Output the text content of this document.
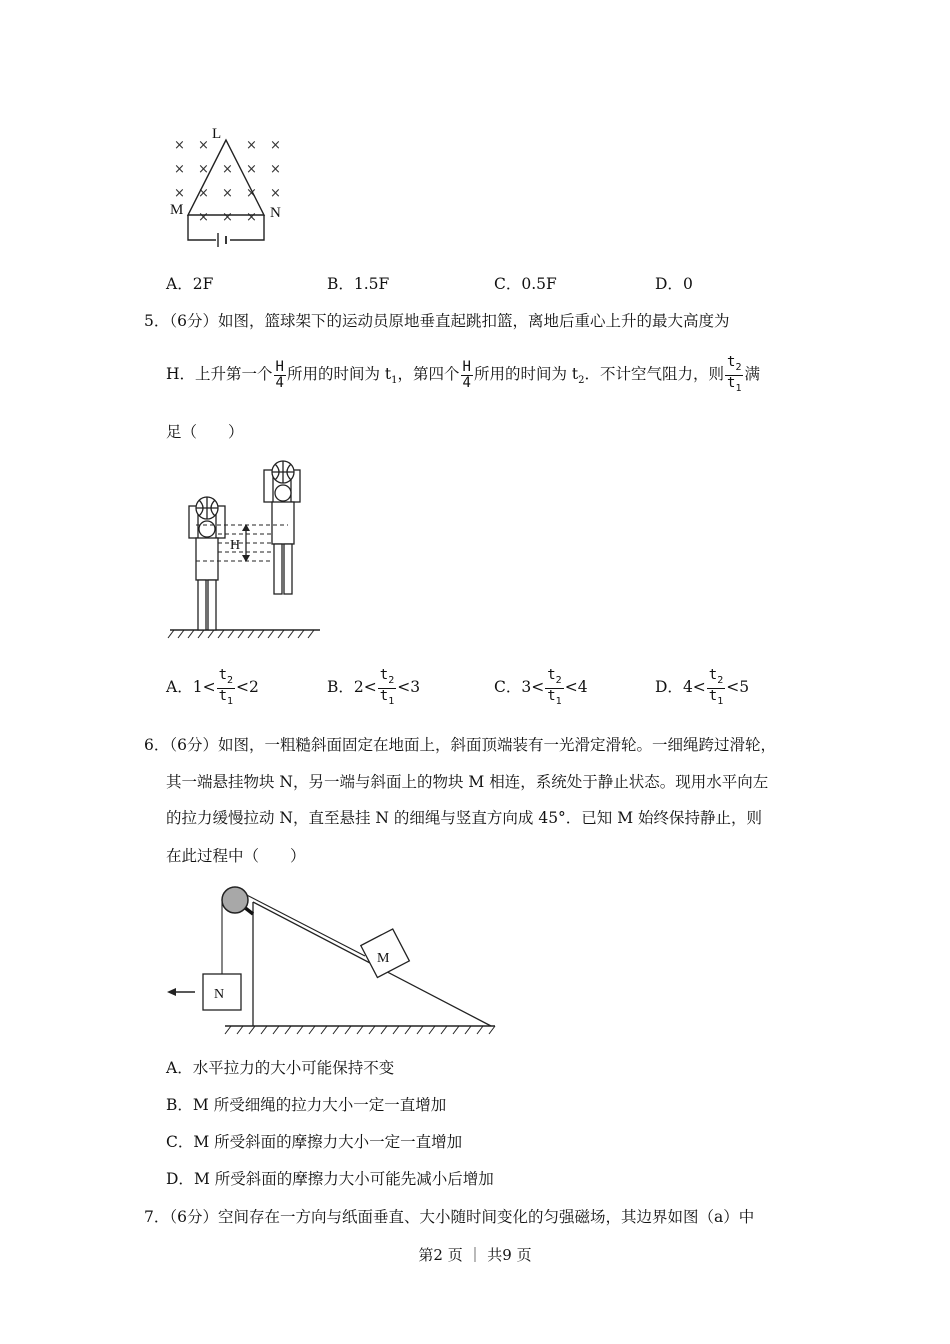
× ×	× ×
× × × × ×
× × × × ×
× × ×
L
M	N
A．2F	B．1.5F	C．0.5F	D．0
5．（6分）如图，篮球架下的运动员原地垂直起跳扣篮，离地后重心上升的最大高度为
H．上升第一个 $\frac{H}{4}$ 所用的时间为 $t_1$，第四个 $\frac{H}{4}$ 所用的时间为 $t_2$．不计空气阻力，则 $\frac{t_2}{t_1}$ 满
足（　　）
H
A．$1< \frac{t_2}{t_1} <2$	B．$2< \frac{t_2}{t_1} <3$	C．$3< \frac{t_2}{t_1} <4$	D．$4< \frac{t_2}{t_1} <5$
6．（6分）如图，一粗糙斜面固定在地面上，斜面顶端装有一光滑定滑轮。一细绳跨过滑轮，
其一端悬挂物块 N，另一端与斜面上的物块 M 相连，系统处于静止状态。现用水平向左
的拉力缓慢拉动 N，直至悬挂 N 的细绳与竖直方向成 45°．已知 M 始终保持静止，则
在此过程中（　　）
M
N
A．水平拉力的大小可能保持不变
B．M 所受细绳的拉力大小一定一直增加
C．M 所受斜面的摩擦力大小一定一直增加
D．M 所受斜面的摩擦力大小可能先减小后增加
7．（6分）空间存在一方向与纸面垂直、大小随时间变化的匀强磁场，其边界如图（a）中
第2 页 ｜ 共9 页
